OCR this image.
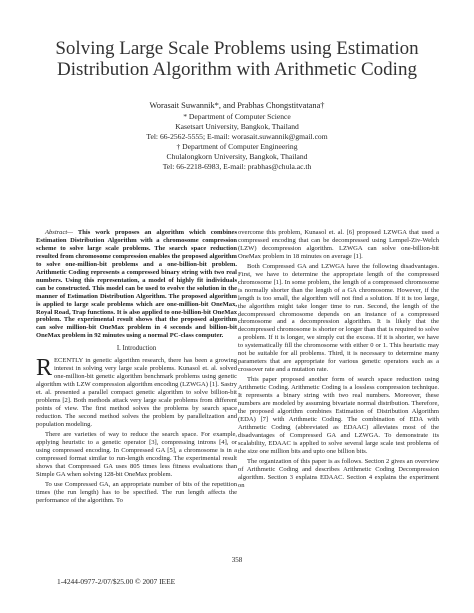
Solving Large Scale Problems using Estimation
Distribution Algorithm with Arithmetic Coding
Worasait Suwannik*, and Prabhas Chongstitvatana†
* Department of Computer Science
Kasetsart University, Bangkok, Thailand
Tel: 66-2562-5555; E-mail: worasait.suwannik@gmail.com
† Department of Computer Engineering
Chulalongkorn University, Bangkok, Thailand
Tel: 66-2218-6983, E-mail: prabhas@chula.ac.th

Abstract— This work proposes an algorithm which combines Estimation Distribution Algorithm with a chromosome compression scheme to solve large scale problems. The search space reduction resulted from chromosome compression enables the proposed algorithm to solve one-million-bit problems and a one-billion-bit problem. Arithmetic Coding represents a compressed binary string with two real numbers. Using this representation, a model of highly fit individuals can be constructed. This model can be used to evolve the solution in the manner of Estimation Distribution Algorithm. The proposed algorithm is applied to large scale problems which are one-million-bit OneMax, Royal Road, Trap functions. It is also applied to one-billion-bit OneMax problem. The experimental result shows that the proposed algorithm can solve million-bit OneMax problem in 4 seconds and billion-bit OneMax problem in 92 minutes using a normal PC-class computer.

I. Introduction

RECENTLY in genetic algorithm research, there has been a growing interest in solving very large scale problems. Kunasol et. al. solved one-million-bit genetic algorithm benchmark problems using genetic algorithm with LZW compression algorithm encoding (LZWGA) [1]. Sastry et. al. presented a parallel compact genetic algorithm to solve billion-bit problems [2]. Both methods attack very large scale problems from different points of view. The first method solves the problems by search space reduction. The second method solves the problem by parallelization and population modeling.

There are varieties of way to reduce the search space. For example, applying heuristic to a genetic operator [3], compressing introns [4], or using compressed encoding. In Compressed GA [5], a chromosome is in a compressed format similar to run-length encoding. The experimental result shows that Compressed GA uses 805 times less fitness evaluations than Simple GA when solving 128-bit OneMax problem.

To use Compressed GA, an appropriate number of bits of the repetition times (the run length) has to be specified. The run length affects the performance of the algorithm. To

overcome this problem, Kunasol et. al. [6] proposed LZWGA that used a compressed encoding that can be decompressed using Lempel-Ziv-Welch (LZW) decompression algorithm. LZWGA can solve one-billion-bit OneMax problem in 18 minutes on average [1].

Both Compressed GA and LZWGA have the following disadvantages. First, we have to determine the appropriate length of the compressed chromosome [1]. In some problem, the length of a compressed chromosome is normally shorter than the length of a GA chromosome. However, if the length is too small, the algorithm will not find a solution. If it is too large, the algorithm might take longer time to run. Second, the length of the decompressed chromosome depends on an instance of a compressed chromosome and a decompression algorithm. It is likely that the decompressed chromosome is shorter or longer than that is required to solve a problem. If it is longer, we simply cut the excess. If it is shorter, we have to systematically fill the chromosome with either 0 or 1. This heuristic may not be suitable for all problems. Third, it is necessary to determine many parameters that are appropriate for various genetic operators such as a crossover rate and a mutation rate.

This paper proposed another form of search space reduction using Arithmetic Coding. Arithmetic Coding is a lossless compression technique. It represents a binary string with two real numbers. Moreover, these numbers are modeled by assuming bivariate normal distribution. Therefore, the proposed algorithm combines Estimation of Distribution Algorithm (EDA) [7] with Arithmetic Coding. The combination of EDA with Arithmetic Coding (abbreviated as EDAAC) alleviates most of the disadvantages of Compressed GA and LZWGA. To demonstrate its scalability, EDAAC is applied to solve several large scale test problems of the size one million bits and upto one billion bits.

The organization of this paper is as follows. Section 2 gives an overview of Arithmetic Coding and describes Arithmetic Coding Decompression algorithm. Section 3 explains EDAAC. Section 4 explains the experiment on

358
1-4244-0977-2/07/$25.00 © 2007 IEEE
